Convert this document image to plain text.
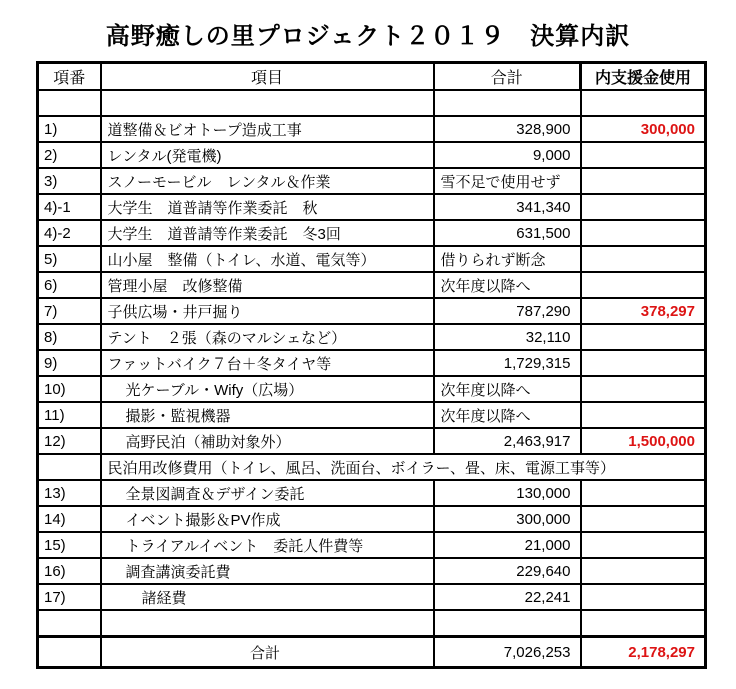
高野癒しの里プロジェクト２０１９　決算内訳
項番	項目	合計	内支援金使用

1)	道整備＆ビオトープ造成工事	328,900	300,000
2)	レンタル(発電機)	9,000	
3)	スノーモービル　レンタル＆作業	雪不足で使用せず	
4)-1	大学生　道普請等作業委託　秋	341,340	
4)-2	大学生　道普請等作業委託　冬3回	631,500	
5)	山小屋　整備（トイレ、水道、電気等）	借りられず断念	
6)	管理小屋　改修整備	次年度以降へ	
7)	子供広場・井戸掘り	787,290	378,297
8)	テント　２張（森のマルシェなど）	32,110	
9)	ファットバイク７台＋冬タイヤ等	1,729,315	
10)	光ケーブル・Wify（広場）	次年度以降へ	
11)	撮影・監視機器	次年度以降へ	
12)	高野民泊（補助対象外）	2,463,917	1,500,000
	民泊用改修費用（トイレ、風呂、洗面台、ボイラー、畳、床、電源工事等）		
13)	全景図調査＆デザイン委託	130,000	
14)	イベント撮影＆PV作成	300,000	
15)	トライアルイベント　委託人件費等	21,000	
16)	調査講演委託費	229,640	
17)	諸経費	22,241	

	合計	7,026,253	2,178,297
